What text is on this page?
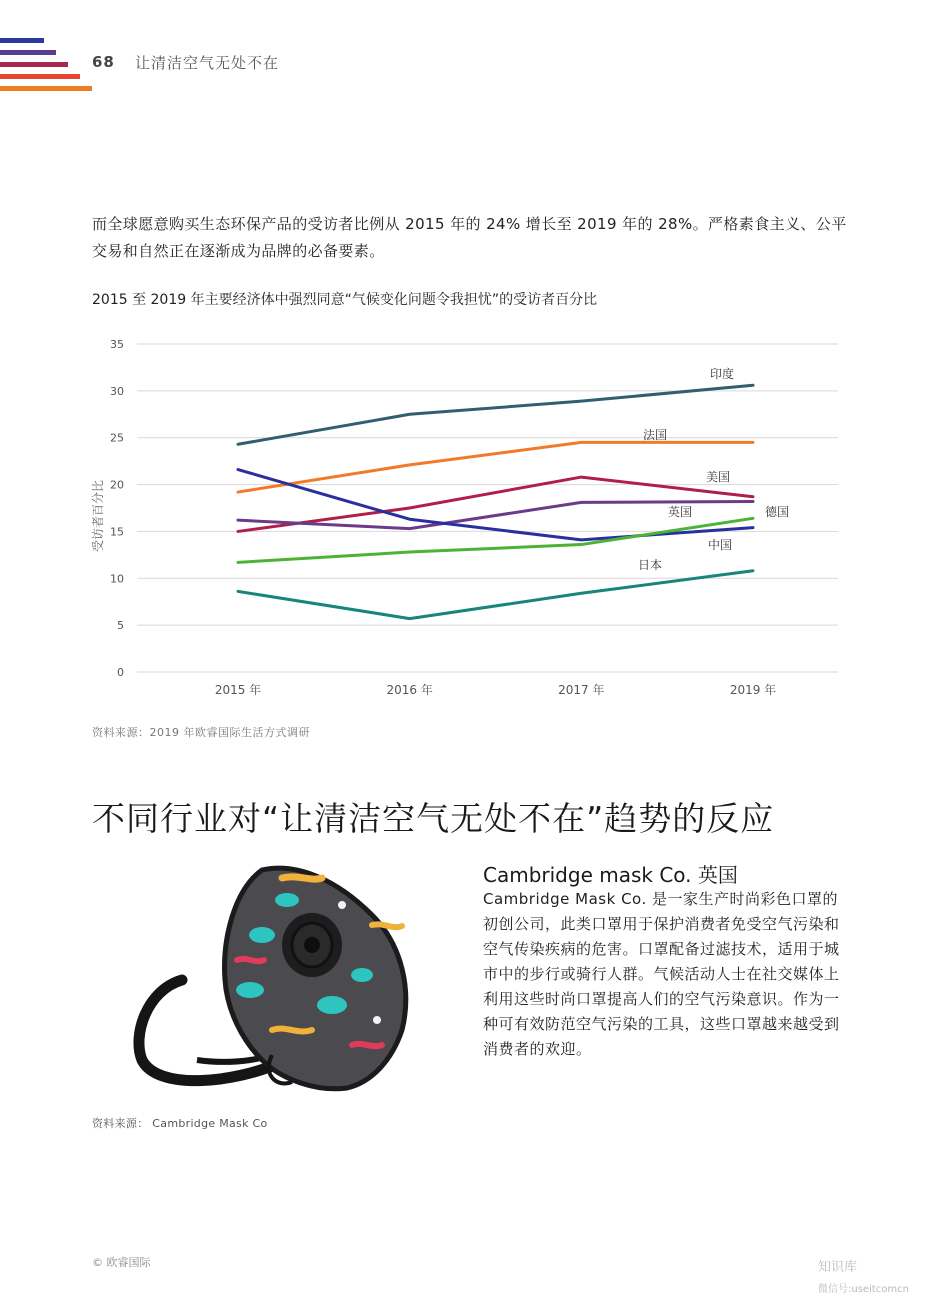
68 让清洁空气无处不在
而全球愿意购买生态环保产品的受访者比例从 2015 年的 24% 增长至 2019 年的 28%。严格素食主义、公平交易和自然正在逐渐成为品牌的必备要素。
2015 至 2019 年主要经济体中强烈同意“气候变化问题令我担忧”的受访者百分比
0
5
10
15
20
25
30
35
2015 年	2016 年	2017 年	2019 年
印度
法国
美国
德国
中国
英国
日本
受访者百分比
资料来源：2019 年欧睿国际生活方式调研
不同行业对“让清洁空气无处不在”趋势的反应
Cambridge mask Co. 英国
Cambridge Mask Co. 是一家生产时尚彩色口罩的初创公司，此类口罩用于保护消费者免受空气污染和空气传染疾病的危害。口罩配备过滤技术，适用于城市中的步行或骑行人群。气候活动人士在社交媒体上利用这些时尚口罩提高人们的空气污染意识。作为一种可有效防范空气污染的工具，这些口罩越来越受到消费者的欢迎。
资料来源： Cambridge Mask Co
© 欧睿国际	知识库
微信号:useitcomcn
